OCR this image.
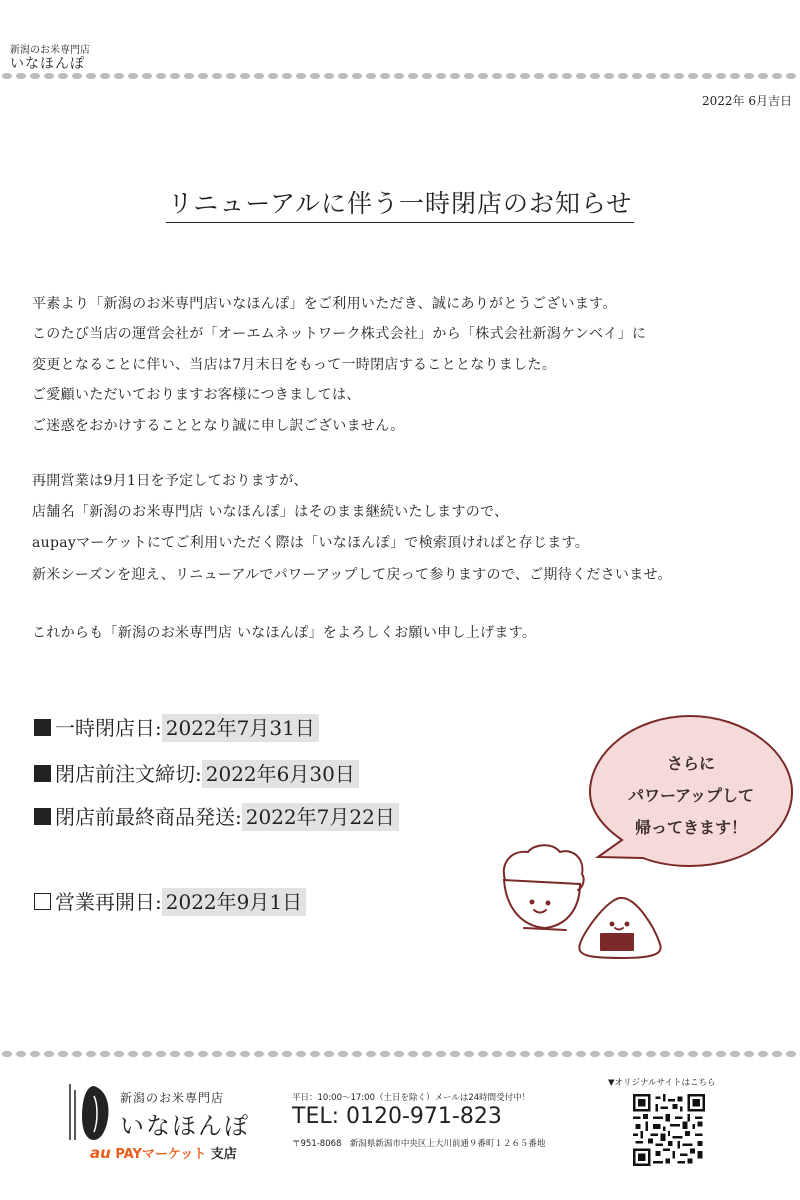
新潟のお米専門店
いなほんぽ
2022年 6月吉日
リニューアルに伴う一時閉店のお知らせ
平素より「新潟のお米専門店いなほんぽ」をご利用いただき、誠にありがとうございます。
このたび当店の運営会社が「オーエムネットワーク株式会社」から「株式会社新潟ケンベイ」に
変更となることに伴い、当店は7月末日をもって一時閉店することとなりました。
ご愛顧いただいておりますお客様につきましては、
ご迷惑をおかけすることとなり誠に申し訳ございません。
再開営業は9月1日を予定しておりますが、
店舗名「新潟のお米専門店 いなほんぽ」はそのまま継続いたしますので、
aupayマーケットにてご利用いただく際は「いなほんぽ」で検索頂ければと存じます。
新米シーズンを迎え、リニューアルでパワーアップして戻って参りますので、ご期待くださいませ。
これからも「新潟のお米専門店 いなほんぽ」をよろしくお願い申し上げます。
一時閉店日: 2022年7月31日
閉店前注文締切: 2022年6月30日
閉店前最終商品発送: 2022年7月22日
営業再開日: 2022年9月1日
さらに
パワーアップして
帰ってきます！
新潟のお米専門店
いなほんぽ
au PAYマーケット 支店
平日：10:00〜17:00（土日を除く）メールは24時間受付中！
TEL: 0120-971-823
〒951-8068　新潟県新潟市中央区上大川前通９番町１２６５番地
▼オリジナルサイトはこちら
